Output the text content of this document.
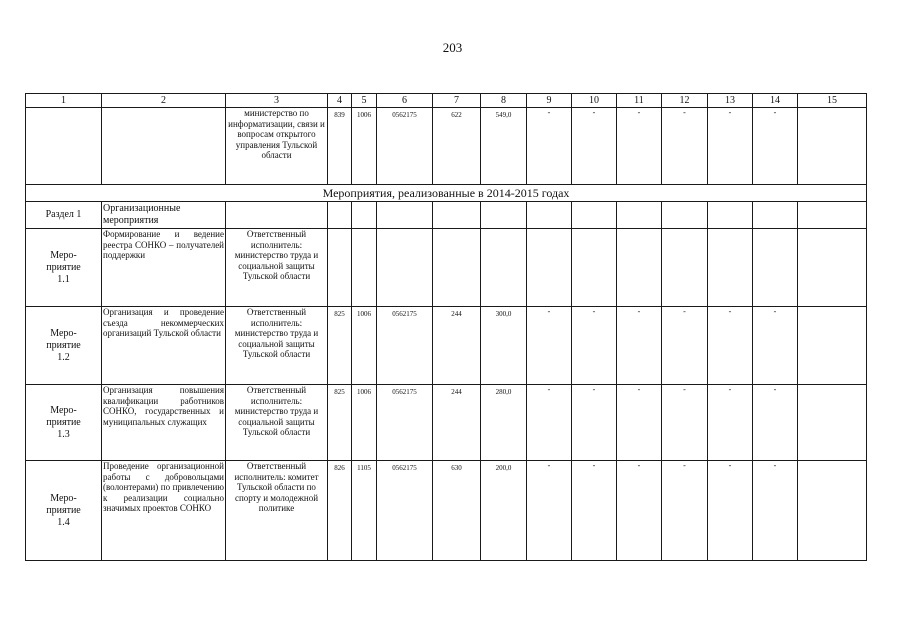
203
1	2	3	4	5	6	7	8	9	10	11	12	13	14	15
		министерство по информатизации, связи и вопросам открытого управления Тульской области	839	1006	0562175	622	549,0	-	-	-	-	-	-	
Мероприятия, реализованные в 2014-2015 годах														
Раздел 1	Организационные мероприятия													
Меро-
приятие
1.1	Формирование и ведение реестра СОНКО – получателей поддержки	Ответственный исполнитель: министерство труда и социальной защиты Тульской области												
Меро-
приятие
1.2	Организация и проведение съезда некоммерческих организаций Тульской области	Ответственный исполнитель: министерство труда и социальной защиты Тульской области	825	1006	0562175	244	300,0	-	-	-	-	-	-	
Меро-
приятие
1.3	Организация повышения квалификации работников СОНКО, государственных и муниципальных служащих	Ответственный исполнитель: министерство труда и социальной защиты Тульской области	825	1006	0562175	244	280,0	-	-	-	-	-	-	
Меро-
приятие
1.4	Проведение организационной работы с добровольцами (волонтерами) по привлечению к реализации социально значимых проектов СОНКО	Ответственный исполнитель: комитет Тульской области по спорту и молодежной политике	826	1105	0562175	630	200,0	-	-	-	-	-	-	
